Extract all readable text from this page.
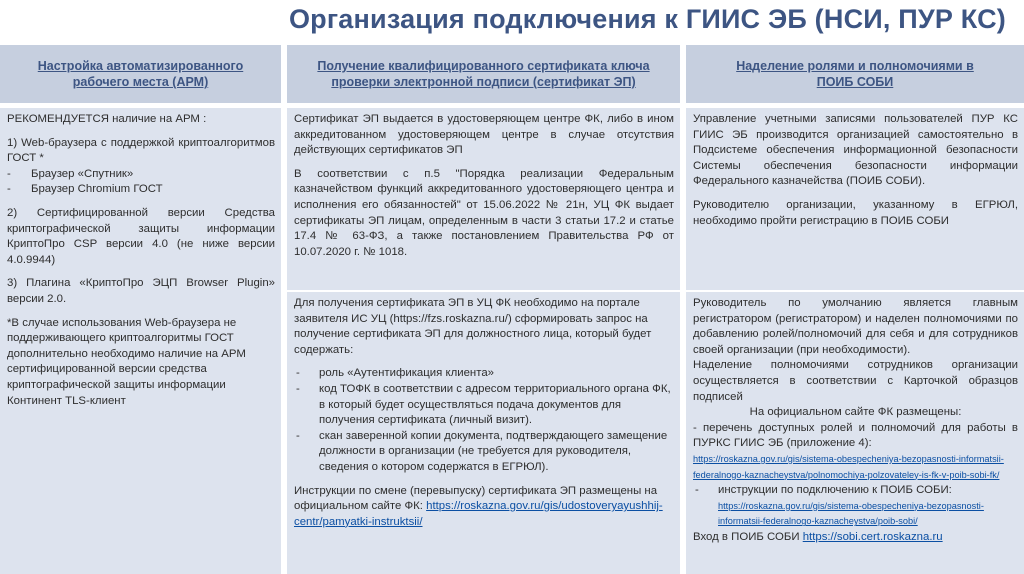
Организация подключения к ГИИС ЭБ (НСИ, ПУР КС)
Настройка автоматизированного рабочего места (АРМ)
Получение квалифицированного сертификата ключа проверки электронной подписи (сертификат ЭП)
Наделение ролями и полномочиями в ПОИБ СОБИ
РЕКОМЕНДУЕТСЯ наличие на АРМ :
1) Web-браузера с поддержкой криптоалгоритмов ГОСТ *
- Браузер «Спутник»
- Браузер Chromium ГОСТ
2) Сертифицированной версии Средства криптографической защиты информации КриптоПро CSP версии 4.0 (не ниже версии 4.0.9944)
3) Плагина «КриптоПро ЭЦП Browser Plugin» версии 2.0.
*В случае использования Web-браузера не поддерживающего криптоалгоритмы ГОСТ дополнительно необходимо наличие на АРМ сертифицированной версии средства криптографической защиты информации Континент TLS-клиент
Сертификат ЭП выдается в удостоверяющем центре ФК, либо в ином аккредитованном удостоверяющем центре в случае отсутствия действующих сертификатов ЭП
В соответствии с п.5 "Порядка реализации Федеральным казначейством функций аккредитованного удостоверяющего центра и исполнения его обязанностей" от 15.06.2022 № 21н, УЦ ФК выдает сертификаты ЭП лицам, определенным в части 3 статьи 17.2 и статье 17.4 № 63-ФЗ, а также постановлением Правительства РФ от 10.07.2020 г. № 1018.
Для получения сертификата ЭП в УЦ ФК необходимо на портале заявителя ИС УЦ (https://fzs.roskazna.ru/) сформировать запрос на получение сертификата ЭП для должностного лица, который будет содержать:
- роль «Аутентификация клиента»
- код ТОФК в соответствии с адресом территориального органа ФК, в который будет осуществляться подача документов для получения сертификата (личный визит).
- скан заверенной копии документа, подтверждающего замещение должности в организации (не требуется для руководителя, сведения о котором содержатся в ЕГРЮЛ).
Инструкции по смене (перевыпуску) сертификата ЭП размещены на официальном сайте ФК: https://roskazna.gov.ru/gis/udostoveryayushhij-centr/pamyatki-instruktsii/
Управление учетными записями пользователей ПУР КС ГИИС ЭБ производится организацией самостоятельно в Подсистеме обеспечения информационной безопасности Системы обеспечения безопасности информации Федерального казначейства (ПОИБ СОБИ).
Руководителю организации, указанному в ЕГРЮЛ, необходимо пройти регистрацию в ПОИБ СОБИ
Руководитель по умолчанию является главным регистратором (регистратором) и наделен полномочиями по добавлению ролей/полномочий для себя и для сотрудников своей организации (при необходимости).
Наделение полномочиями сотрудников организации осуществляется в соответствии с Карточкой образцов подписей
На официальном сайте ФК размещены:
- перечень доступных ролей и полномочий для работы в ПУРКС ГИИС ЭБ (приложение 4):
https://roskazna.gov.ru/gis/sistema-obespecheniya-bezopasnosti-informatsii-federalnogo-kaznacheystva/polnomochiya-polzovateley-is-fk-v-poib-sobi-fk/
- инструкции по подключению к ПОИБ СОБИ:
https://roskazna.gov.ru/gis/sistema-obespecheniya-bezopasnosti-informatsii-federalnogo-kaznacheystva/poib-sobi/
Вход в ПОИБ СОБИ https://sobi.cert.roskazna.ru
